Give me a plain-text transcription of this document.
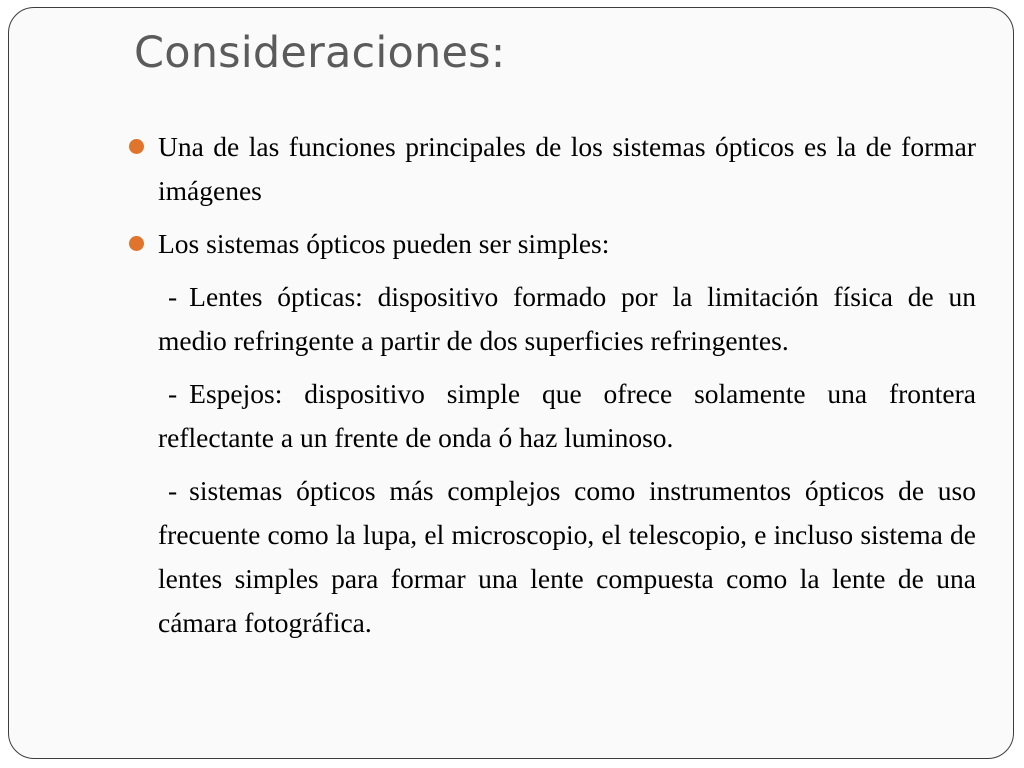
Consideraciones:

Una de las funciones principales de los sistemas ópticos es la de formar imágenes

Los sistemas ópticos pueden ser simples:

- Lentes ópticas: dispositivo formado por la limitación física de un medio refringente a partir de dos superficies refringentes.

- Espejos: dispositivo simple que ofrece solamente una frontera reflectante a un frente de onda ó haz luminoso.

- sistemas ópticos más complejos como instrumentos ópticos de uso frecuente como la lupa, el microscopio, el telescopio, e incluso sistema de lentes simples para formar una lente compuesta como la lente de una cámara fotográfica.
